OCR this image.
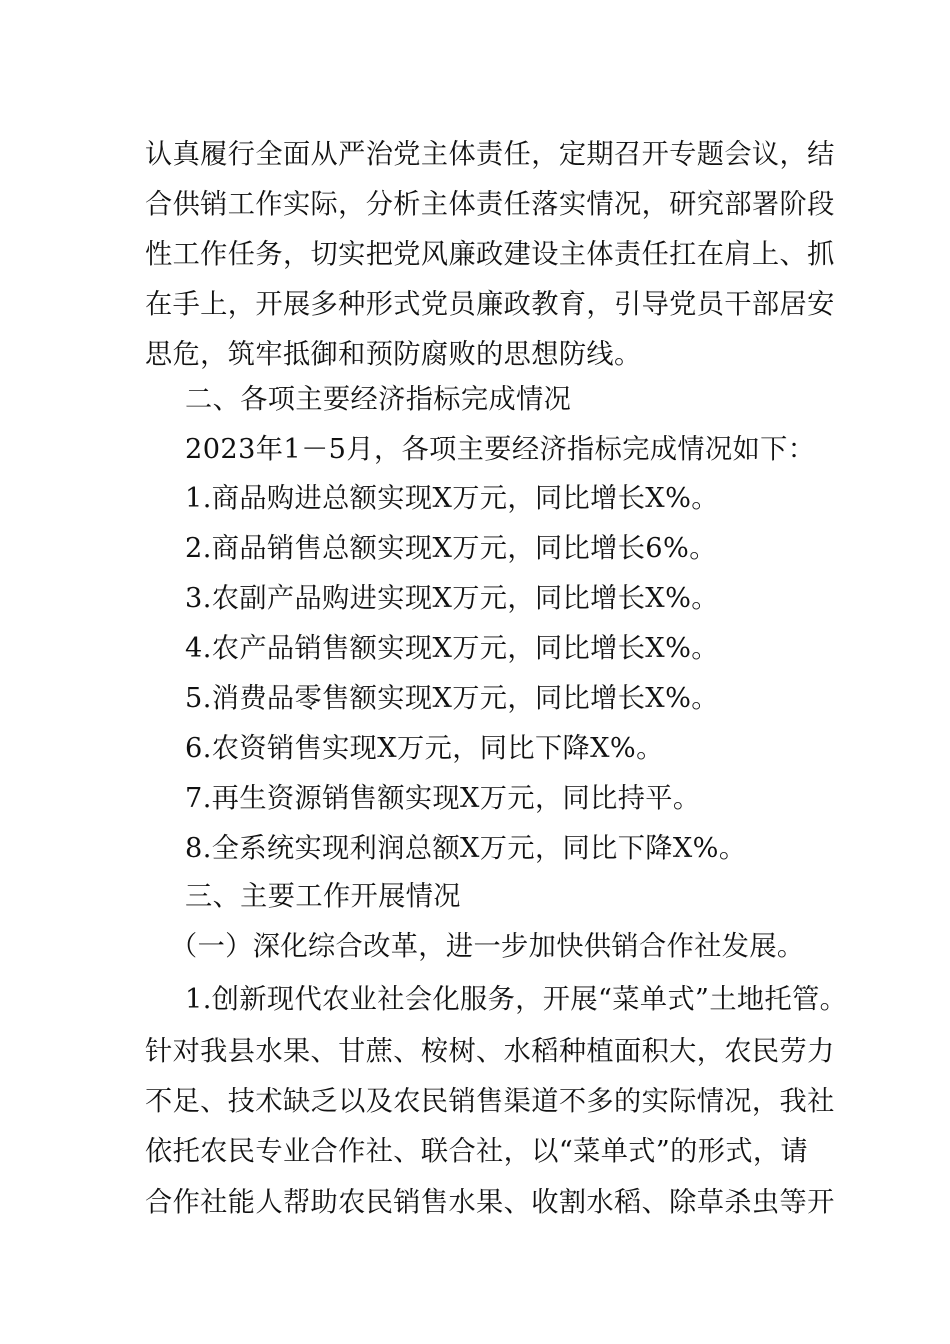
认真履行全面从严治党主体责任，定期召开专题会议，结
合供销工作实际，分析主体责任落实情况，研究部署阶段
性工作任务，切实把党风廉政建设主体责任扛在肩上、抓
在手上，开展多种形式党员廉政教育，引导党员干部居安
思危，筑牢抵御和预防腐败的思想防线。
二、各项主要经济指标完成情况
2023年1－5月，各项主要经济指标完成情况如下：
1.商品购进总额实现X万元，同比增长X%。
2.商品销售总额实现X万元，同比增长6%。
3.农副产品购进实现X万元，同比增长X%。
4.农产品销售额实现X万元，同比增长X%。
5.消费品零售额实现X万元，同比增长X%。
6.农资销售实现X万元，同比下降X%。
7.再生资源销售额实现X万元，同比持平。
8.全系统实现利润总额X万元，同比下降X%。
三、主要工作开展情况
（一）深化综合改革，进一步加快供销合作社发展。
1.创新现代农业社会化服务，开展“菜单式”土地托管。
针对我县水果、甘蔗、桉树、水稻种植面积大，农民劳力
不足、技术缺乏以及农民销售渠道不多的实际情况，我社
依托农民专业合作社、联合社，以“菜单式”的形式，请
合作社能人帮助农民销售水果、收割水稻、除草杀虫等开
